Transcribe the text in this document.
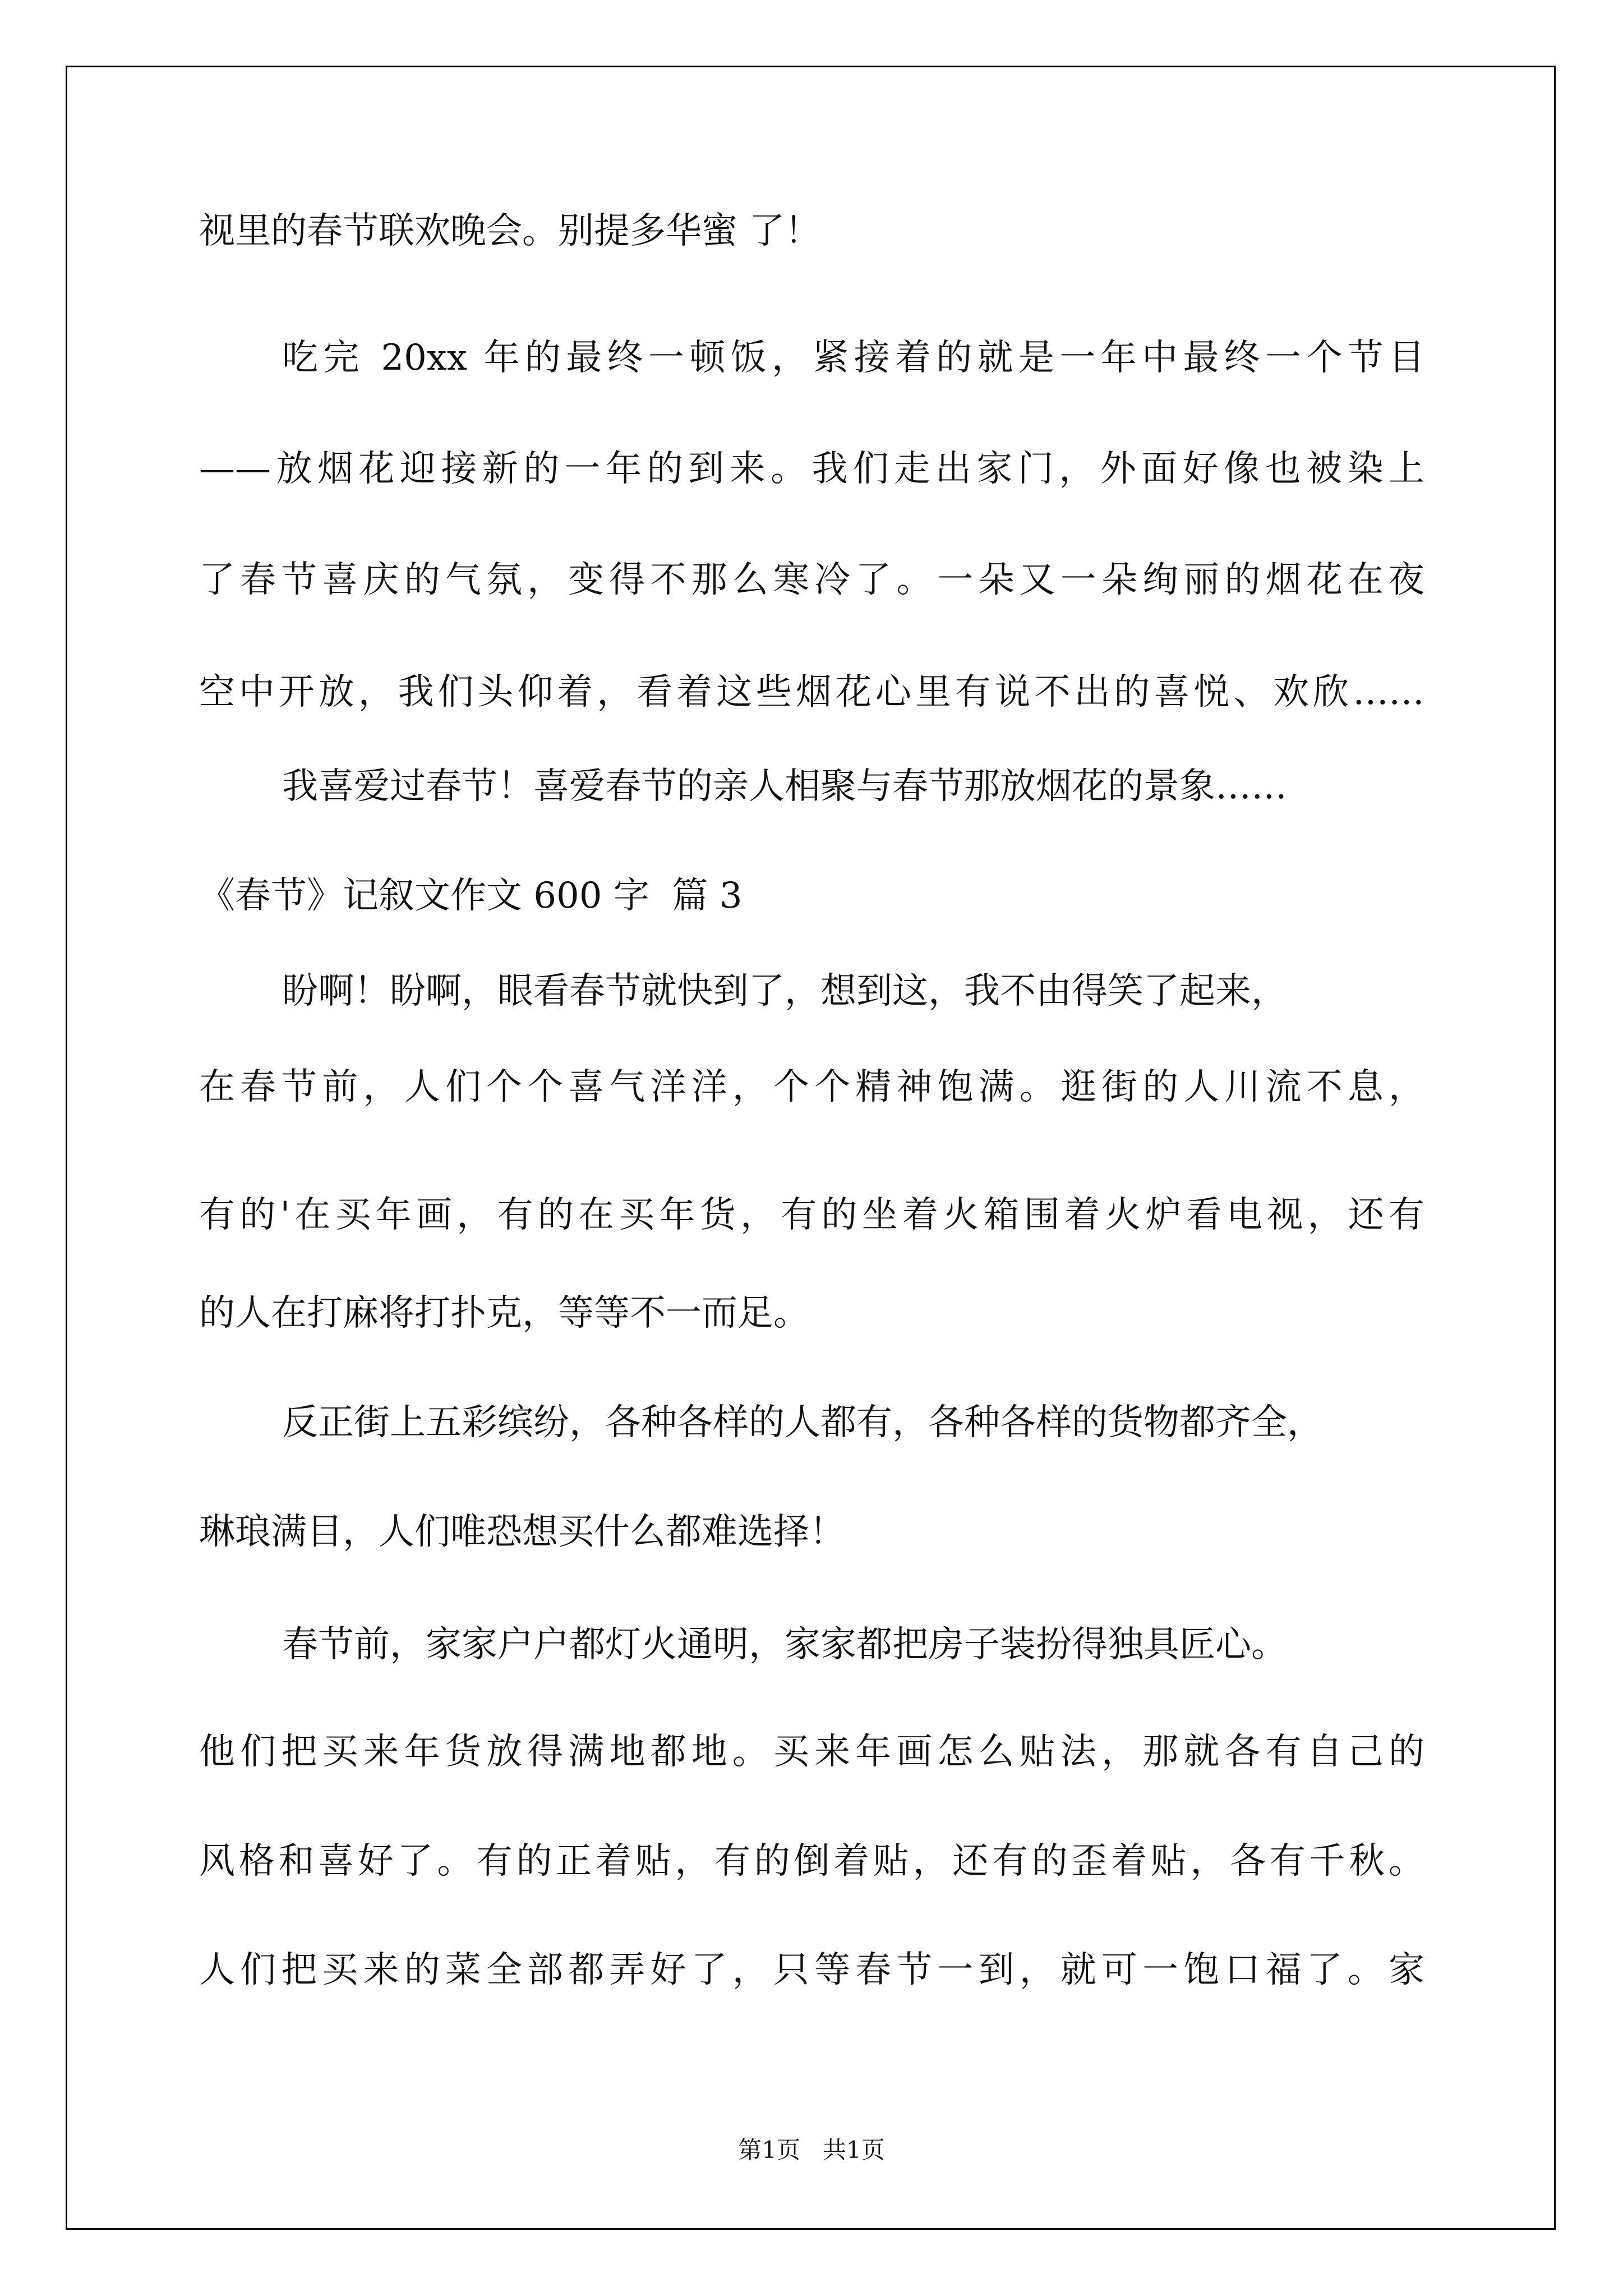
视里的春节联欢晚会。别提多华蜜 了！
吃完 20xx 年的最终一顿饭，紧接着的就是一年中最终一个节目
——放烟花迎接新的一年的到来。我们走出家门，外面好像也被染上
了春节喜庆的气氛，变得不那么寒冷了。一朵又一朵绚丽的烟花在夜
空中开放，我们头仰着，看着这些烟花心里有说不出的喜悦、欢欣……
我喜爱过春节！喜爱春节的亲人相聚与春节那放烟花的景象……
《春节》记叙文作文 600 字  篇 3
盼啊！盼啊，眼看春节就快到了，想到这，我不由得笑了起来，
在春节前，人们个个喜气洋洋，个个精神饱满。逛街的人川流不息，
有的'在买年画，有的在买年货，有的坐着火箱围着火炉看电视，还有
的人在打麻将打扑克，等等不一而足。
反正街上五彩缤纷，各种各样的人都有，各种各样的货物都齐全，
琳琅满目，人们唯恐想买什么都难选择！
春节前，家家户户都灯火通明，家家都把房子装扮得独具匠心。
他们把买来年货放得满地都地。买来年画怎么贴法，那就各有自己的
风格和喜好了。有的正着贴，有的倒着贴，还有的歪着贴，各有千秋。
人们把买来的菜全部都弄好了，只等春节一到，就可一饱口福了。家
第1页   共1页
